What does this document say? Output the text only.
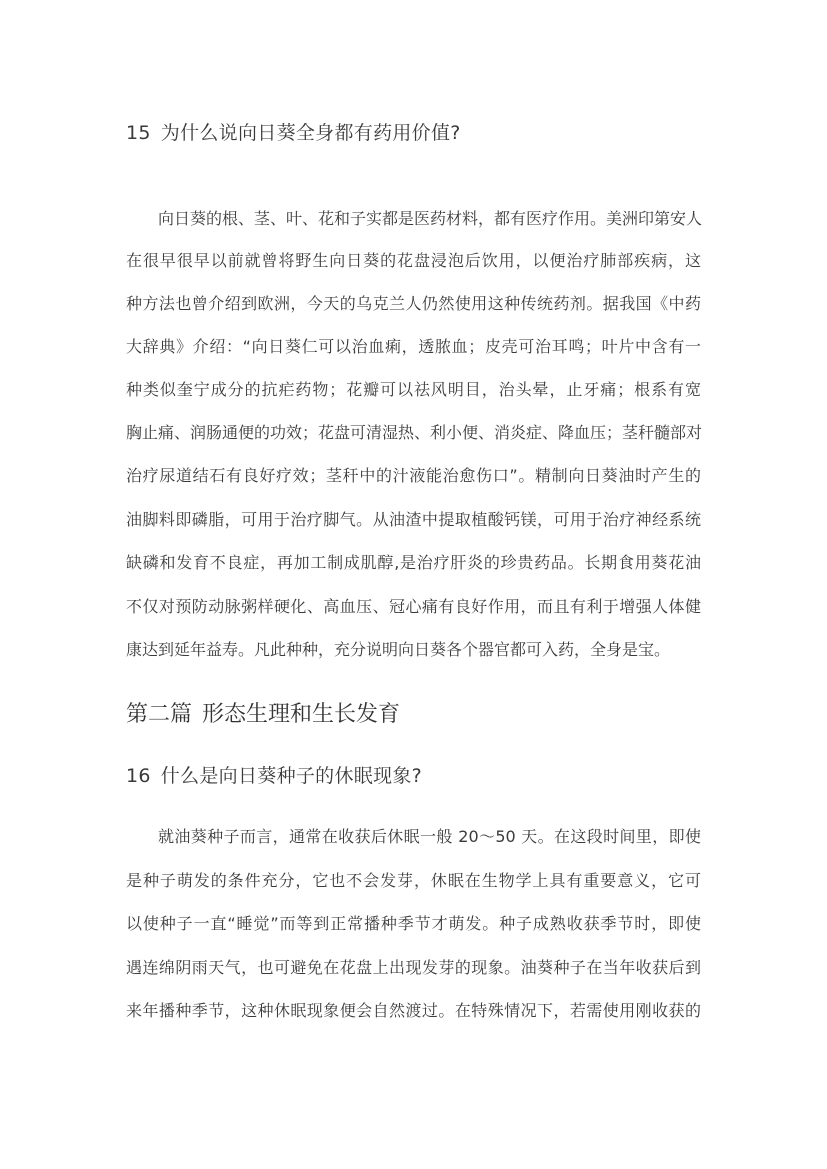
15 为什么说向日葵全身都有药用价值?
向日葵的根、茎、叶、花和子实都是医药材料，都有医疗作用。美洲印第安人
在很早很早以前就曾将野生向日葵的花盘浸泡后饮用，以便治疗肺部疾病，这
种方法也曾介绍到欧洲，今天的乌克兰人仍然使用这种传统药剂。据我国《中药
大辞典》介绍：“向日葵仁可以治血痢，透脓血；皮壳可治耳鸣；叶片中含有一
种类似奎宁成分的抗疟药物；花瓣可以祛风明目，治头晕，止牙痛；根系有宽
胸止痛、润肠通便的功效；花盘可清湿热、利小便、消炎症、降血压；茎秆髓部对
治疗尿道结石有良好疗效；茎秆中的汁液能治愈伤口”。精制向日葵油时产生的
油脚料即磷脂，可用于治疗脚气。从油渣中提取植酸钙镁，可用于治疗神经系统
缺磷和发育不良症，再加工制成肌醇,是治疗肝炎的珍贵药品。长期食用葵花油
不仅对预防动脉粥样硬化、高血压、冠心痛有良好作用，而且有利于增强人体健
康达到延年益寿。凡此种种，充分说明向日葵各个器官都可入药，全身是宝。
第二篇 形态生理和生长发育
16 什么是向日葵种子的休眠现象?
就油葵种子而言，通常在收获后休眠一般 20～50 天。在这段时间里，即使
是种子萌发的条件充分，它也不会发芽，休眠在生物学上具有重要意义，它可
以使种子一直“睡觉”而等到正常播种季节才萌发。种子成熟收获季节时，即使
遇连绵阴雨天气，也可避免在花盘上出现发芽的现象。油葵种子在当年收获后到
来年播种季节，这种休眠现象便会自然渡过。在特殊情况下，若需使用刚收获的
